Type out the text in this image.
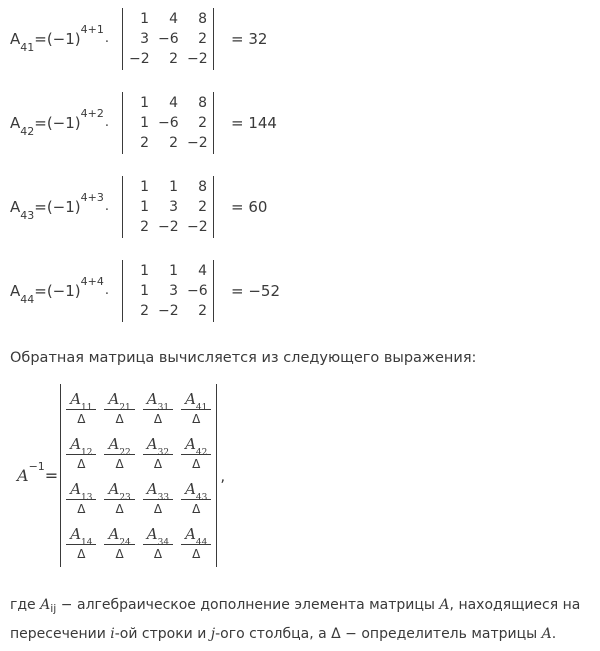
$A_{41}=(-1)^{4+1}$.
1	4	8
3 −6	2
−2	2 −2
= 32
$A_{42}=(-1)^{4+2}$.
1	4	8
1 −6	2
2	2 −2
= 144
$A_{43}=(-1)^{4+3}$.
1	1	8
1	3	2
2 −2 −2
= 60
$A_{44}=(-1)^{4+4}$.
1	1	4
1	3 −6
2 −2	2
= −52

Обратная матрица вычисляется из следующего выражения:

$A^{-1}=$
$\frac{A_{11}}{\Delta} \frac{A_{21}}{\Delta} \frac{A_{31}}{\Delta} \frac{A_{41}}{\Delta}$
$\frac{A_{12}}{\Delta} \frac{A_{22}}{\Delta} \frac{A_{32}}{\Delta} \frac{A_{42}}{\Delta}$
$\frac{A_{13}}{\Delta} \frac{A_{23}}{\Delta} \frac{A_{33}}{\Delta} \frac{A_{43}}{\Delta}$
$\frac{A_{14}}{\Delta} \frac{A_{24}}{\Delta} \frac{A_{34}}{\Delta} \frac{A_{44}}{\Delta}$
,
где $A_{ij}$ − алгебраическое дополнение элемента матрицы A, находящиеся на
пересечении i-ой строки и j-ого столбца, а Δ − определитель матрицы A.
